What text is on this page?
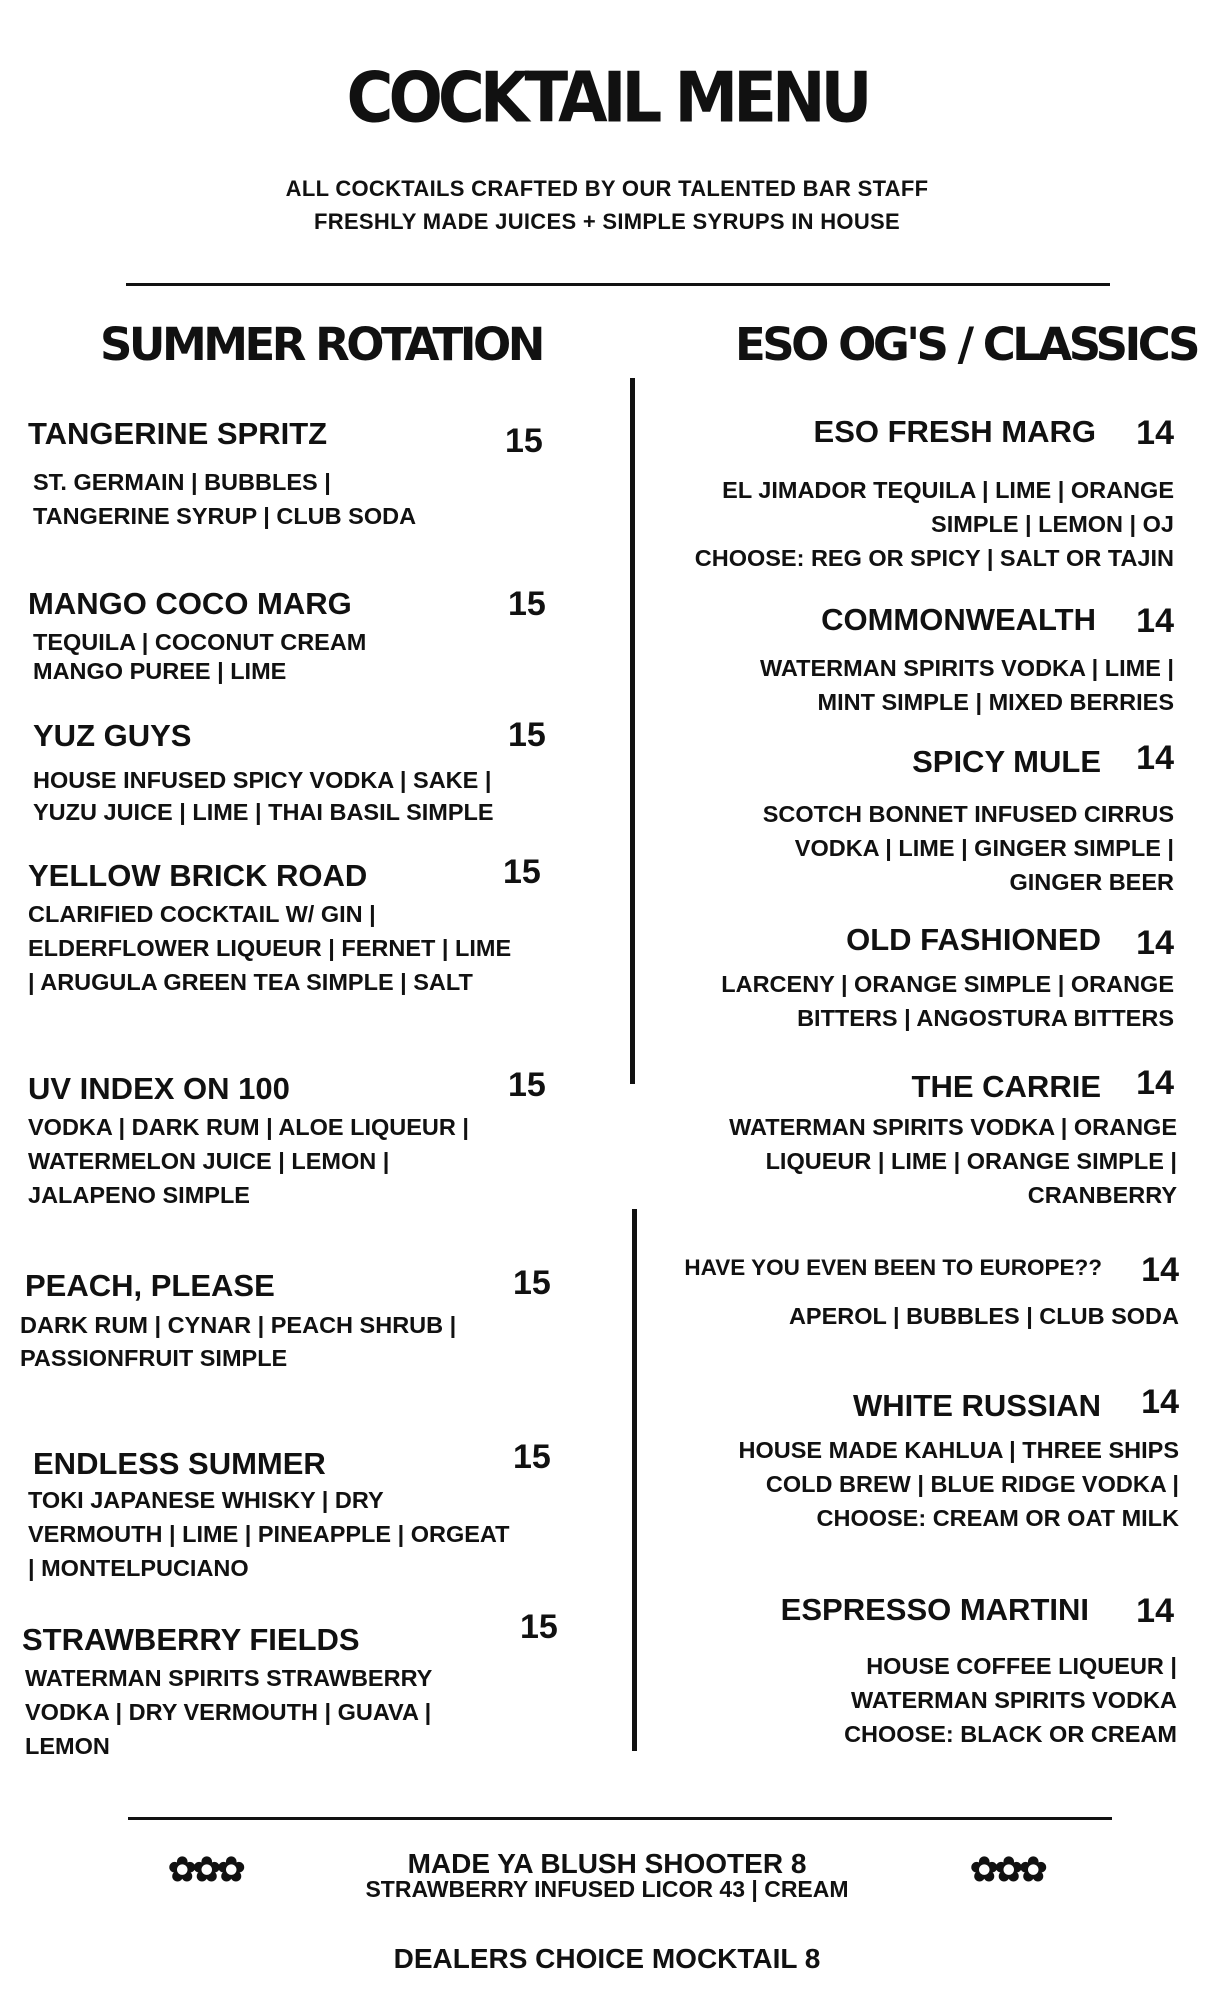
COCKTAIL MENU
ALL COCKTAILS CRAFTED BY OUR TALENTED BAR STAFF
FRESHLY MADE JUICES + SIMPLE SYRUPS IN HOUSE
SUMMER ROTATION	ESO OG'S / CLASSICS
TANGERINE SPRITZ	15
ST. GERMAIN | BUBBLES |
TANGERINE SYRUP | CLUB SODA
MANGO COCO MARG	15
TEQUILA | COCONUT CREAM
MANGO PUREE | LIME
YUZ GUYS	15
HOUSE INFUSED SPICY VODKA | SAKE |
YUZU JUICE | LIME | THAI BASIL SIMPLE
YELLOW BRICK ROAD	15
CLARIFIED COCKTAIL W/ GIN |
ELDERFLOWER LIQUEUR | FERNET | LIME
| ARUGULA GREEN TEA SIMPLE | SALT
UV INDEX ON 100	15
VODKA | DARK RUM | ALOE LIQUEUR |
WATERMELON JUICE | LEMON |
JALAPENO SIMPLE
PEACH, PLEASE	15
DARK RUM | CYNAR | PEACH SHRUB |
PASSIONFRUIT SIMPLE
ENDLESS SUMMER	15
TOKI JAPANESE WHISKY | DRY
VERMOUTH | LIME | PINEAPPLE | ORGEAT
| MONTELPUCIANO
STRAWBERRY FIELDS	15
WATERMAN SPIRITS STRAWBERRY
VODKA | DRY VERMOUTH | GUAVA |
LEMON
ESO FRESH MARG 14
EL JIMADOR TEQUILA | LIME | ORANGE
SIMPLE | LEMON | OJ
CHOOSE: REG OR SPICY | SALT OR TAJIN
COMMONWEALTH 14
WATERMAN SPIRITS VODKA | LIME |
MINT SIMPLE | MIXED BERRIES
SPICY MULE 14
SCOTCH BONNET INFUSED CIRRUS
VODKA | LIME | GINGER SIMPLE |
GINGER BEER
OLD FASHIONED 14
LARCENY | ORANGE SIMPLE | ORANGE
BITTERS | ANGOSTURA BITTERS
THE CARRIE 14
WATERMAN SPIRITS VODKA | ORANGE
LIQUEUR | LIME | ORANGE SIMPLE |
CRANBERRY
HAVE YOU EVEN BEEN TO EUROPE?? 14
APEROL | BUBBLES | CLUB SODA
WHITE RUSSIAN 14
HOUSE MADE KAHLUA | THREE SHIPS
COLD BREW | BLUE RIDGE VODKA |
CHOOSE: CREAM OR OAT MILK
ESPRESSO MARTINI 14
HOUSE COFFEE LIQUEUR |
WATERMAN SPIRITS VODKA
CHOOSE: BLACK OR CREAM
✿✿✿	✿✿✿
MADE YA BLUSH SHOOTER 8
STRAWBERRY INFUSED LICOR 43 | CREAM
DEALERS CHOICE MOCKTAIL 8
